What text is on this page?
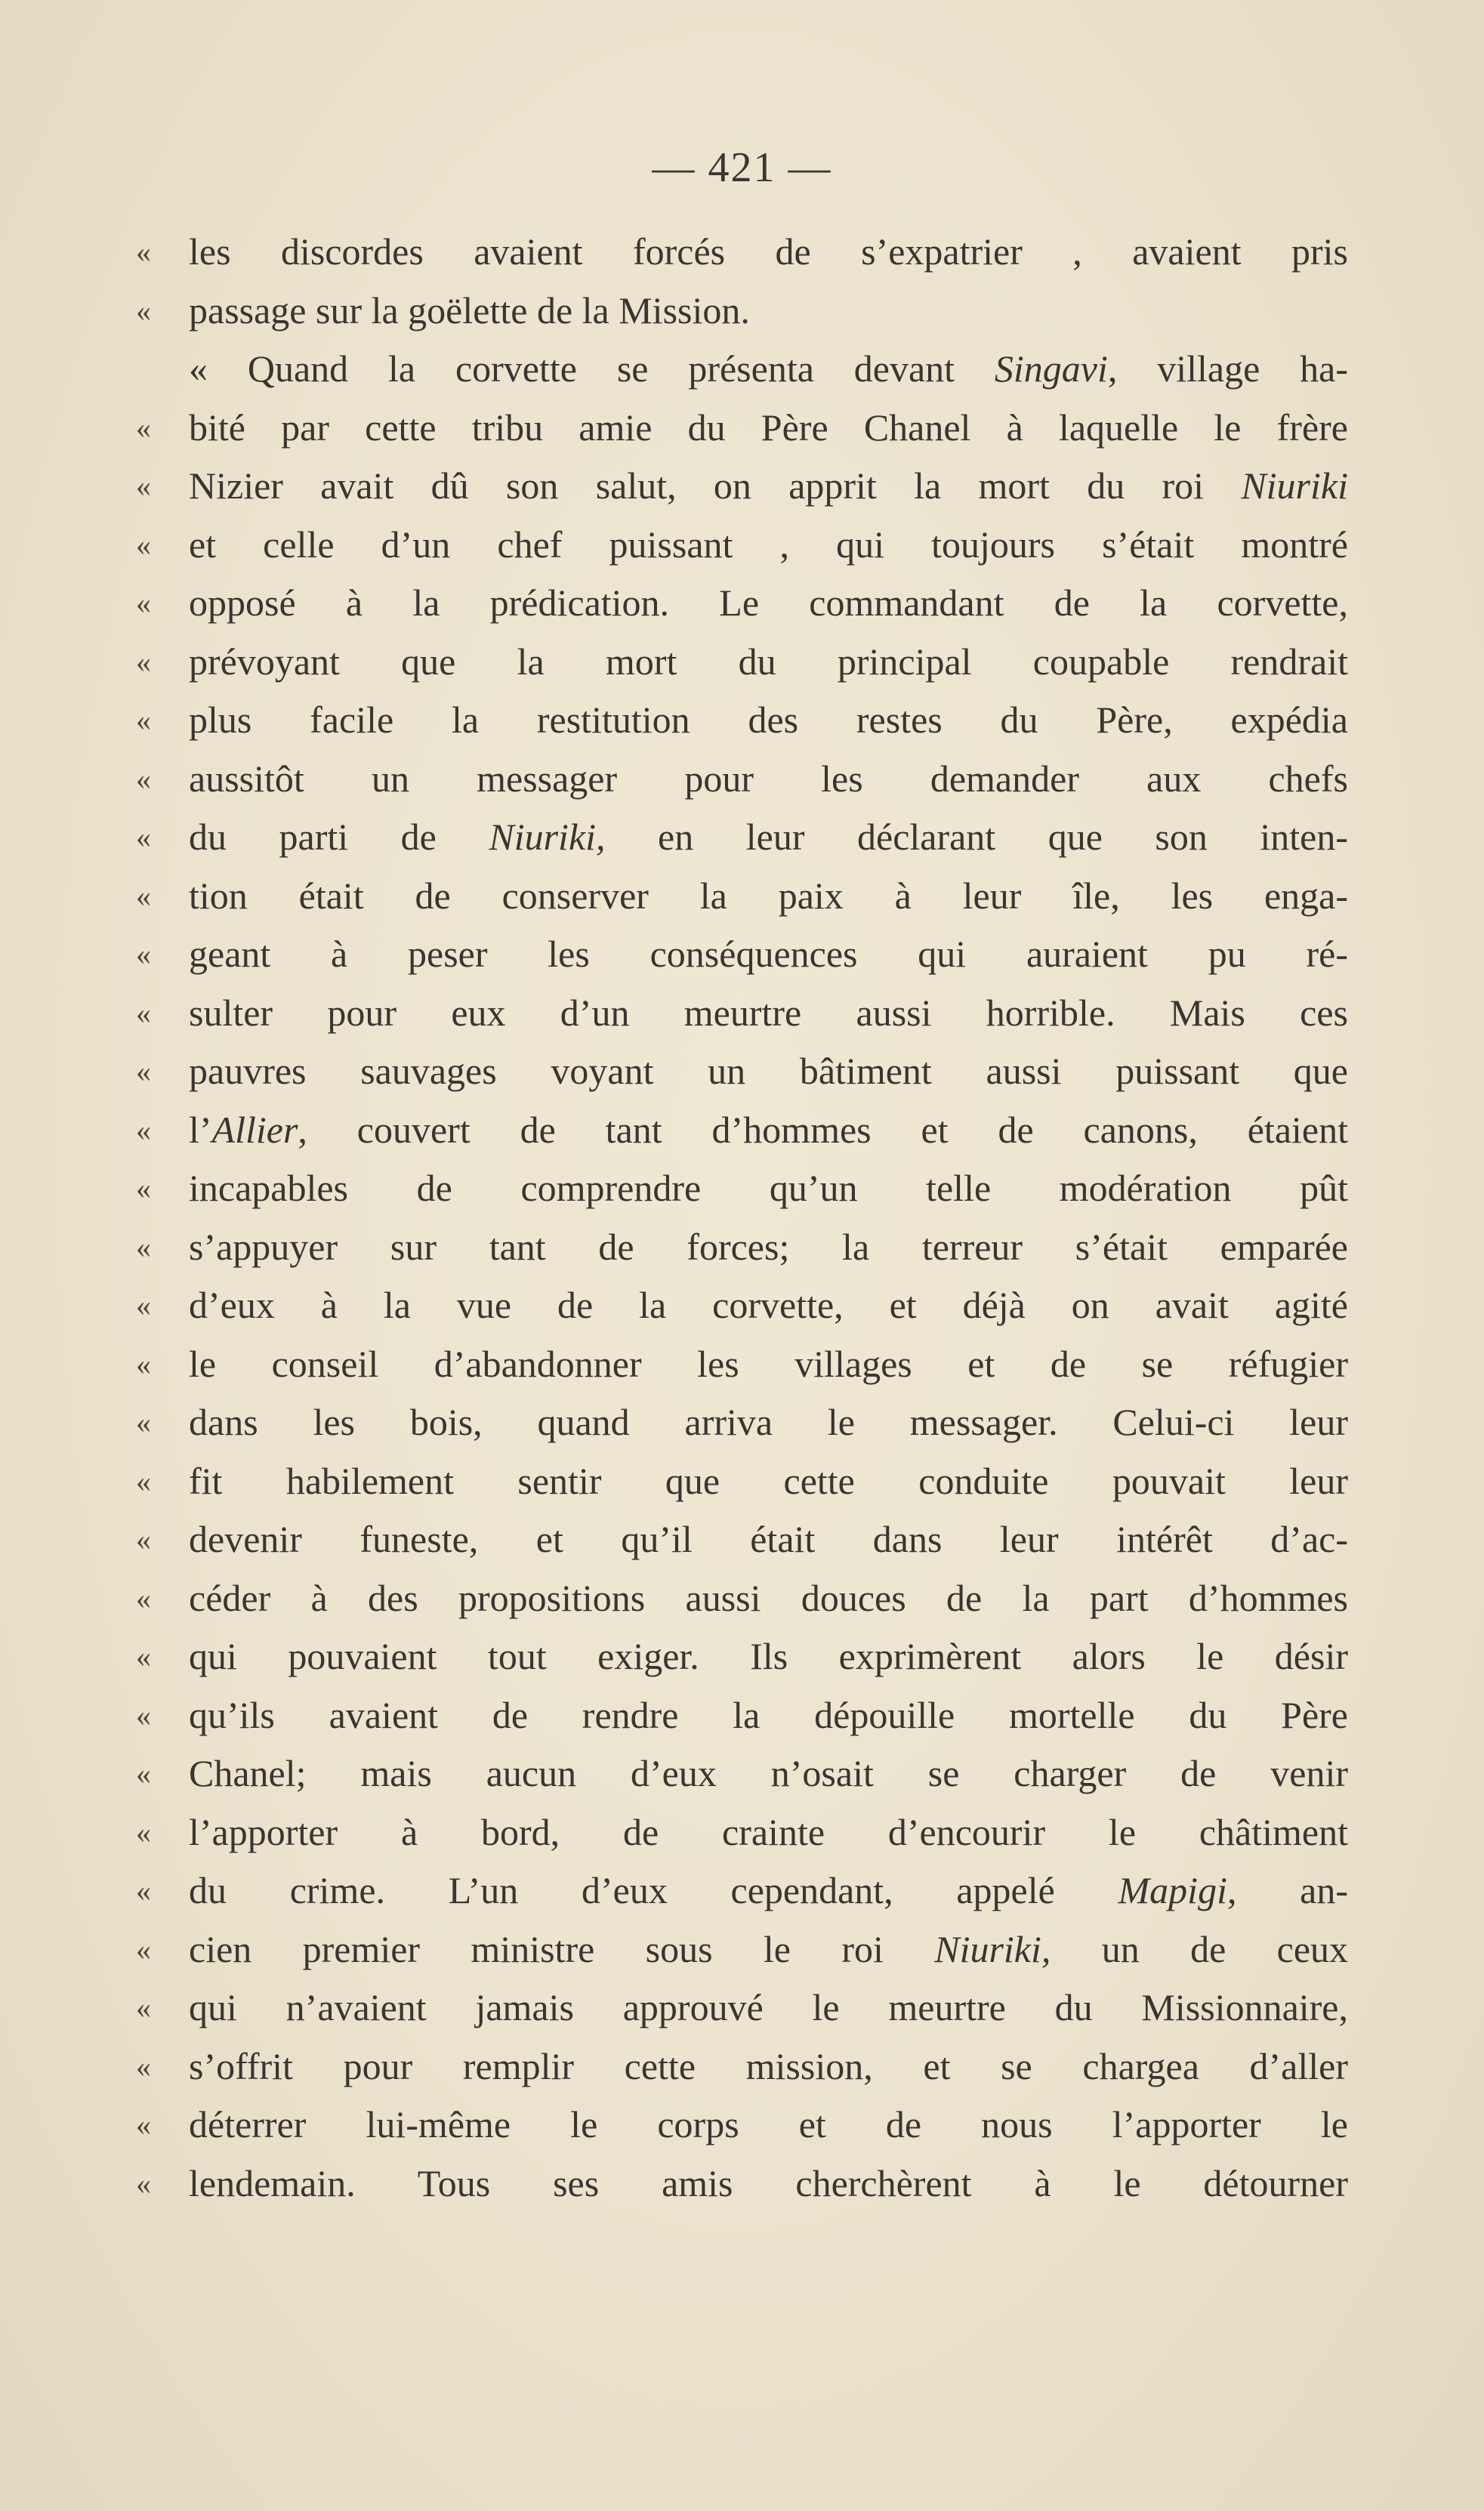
— 421 —
«	les discordes avaient forcés de s’expatrier , avaient pris
«	passage sur la goëlette de la Mission.
« Quand la corvette se présenta devant Singavi, village ha-
«	bité par cette tribu amie du Père Chanel à laquelle le frère
«	Nizier avait dû son salut, on apprit la mort du roi Niuriki
«	et celle d’un chef puissant , qui toujours s’était montré
«	opposé à la prédication. Le commandant de la corvette,
«	prévoyant que la mort du principal coupable rendrait
«	plus facile la restitution des restes du Père, expédia
«	aussitôt un messager pour les demander aux chefs
«	du parti de Niuriki, en leur déclarant que son inten-
«	tion était de conserver la paix à leur île, les enga-
«	geant à peser les conséquences qui auraient pu ré-
«	sulter pour eux d’un meurtre aussi horrible. Mais ces
«	pauvres sauvages voyant un bâtiment aussi puissant que
«	l’Allier, couvert de tant d’hommes et de canons, étaient
«	incapables de comprendre qu’un telle modération pût
«	s’appuyer sur tant de forces; la terreur s’était emparée
«	d’eux à la vue de la corvette, et déjà on avait agité
«	le conseil d’abandonner les villages et de se réfugier
«	dans les bois, quand arriva le messager. Celui-ci leur
«	fit habilement sentir que cette conduite pouvait leur
«	devenir funeste, et qu’il était dans leur intérêt d’ac-
«	céder à des propositions aussi douces de la part d’hommes
«	qui pouvaient tout exiger. Ils exprimèrent alors le désir
«	qu’ils avaient de rendre la dépouille mortelle du Père
«	Chanel; mais aucun d’eux n’osait se charger de venir
«	l’apporter à bord, de crainte d’encourir le châtiment
«	du crime. L’un d’eux cependant, appelé Mapigi, an-
«	cien premier ministre sous le roi Niuriki, un de ceux
«	qui n’avaient jamais approuvé le meurtre du Missionnaire,
«	s’offrit pour remplir cette mission, et se chargea d’aller
«	déterrer lui-même le corps et de nous l’apporter le
«	lendemain. Tous ses amis cherchèrent à le détourner
